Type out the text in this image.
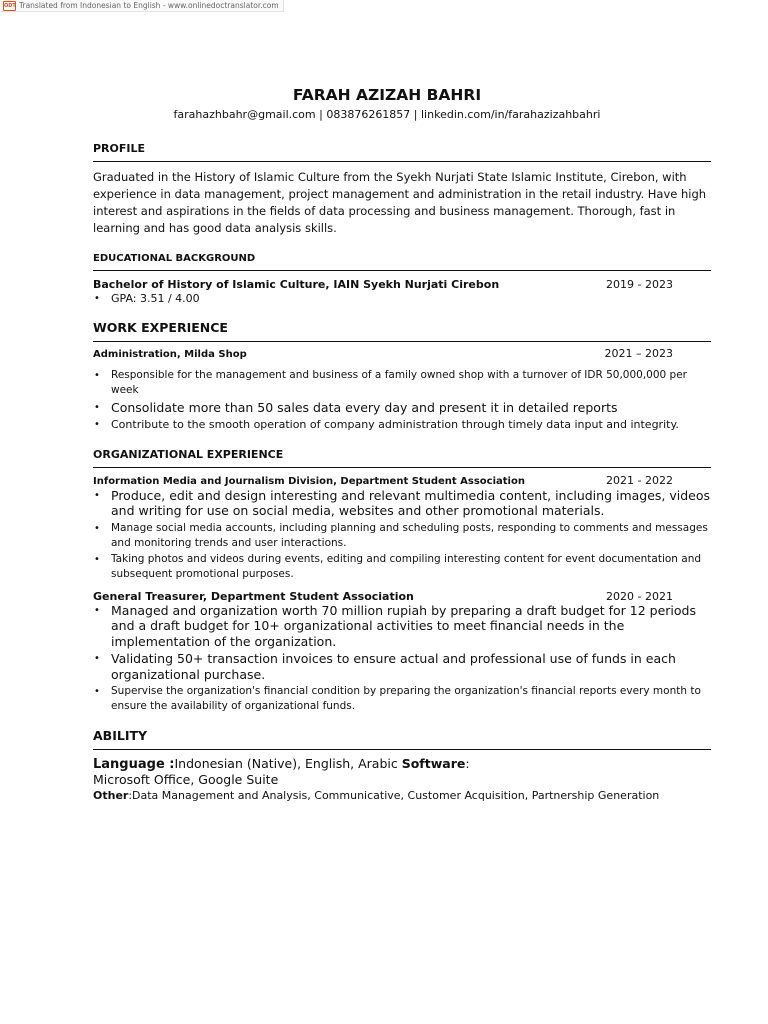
ODT Translated from Indonesian to English - www.onlinedoctranslator.com
FARAH AZIZAH BAHRI
farahazhbahr@gmail.com | 083876261857 | linkedin.com/in/farahazizahbahri
PROFILE
Graduated in the History of Islamic Culture from the Syekh Nurjati State Islamic Institute, Cirebon, with experience in data management, project management and administration in the retail industry. Have high interest and aspirations in the fields of data processing and business management. Thorough, fast in learning and has good data analysis skills.
EDUCATIONAL BACKGROUND
Bachelor of History of Islamic Culture, IAIN Syekh Nurjati Cirebon	2019 - 2023
• GPA: 3.51 / 4.00
WORK EXPERIENCE
Administration, Milda Shop	2021 – 2023
• Responsible for the management and business of a family owned shop with a turnover of IDR 50,000,000 per week
• Consolidate more than 50 sales data every day and present it in detailed reports
• Contribute to the smooth operation of company administration through timely data input and integrity.
ORGANIZATIONAL EXPERIENCE
Information Media and Journalism Division, Department Student Association	2021 - 2022
• Produce, edit and design interesting and relevant multimedia content, including images, videos and writing for use on social media, websites and other promotional materials.
• Manage social media accounts, including planning and scheduling posts, responding to comments and messages and monitoring trends and user interactions.
• Taking photos and videos during events, editing and compiling interesting content for event documentation and subsequent promotional purposes.
General Treasurer, Department Student Association	2020 - 2021
• Managed and organization worth 70 million rupiah by preparing a draft budget for 12 periods and a draft budget for 10+ organizational activities to meet financial needs in the implementation of the organization.
• Validating 50+ transaction invoices to ensure actual and professional use of funds in each organizational purchase.
• Supervise the organization's financial condition by preparing the organization's financial reports every month to ensure the availability of organizational funds.
ABILITY
Language :Indonesian (Native), English, Arabic Software:
Microsoft Office, Google Suite
Other:Data Management and Analysis, Communicative, Customer Acquisition, Partnership Generation
